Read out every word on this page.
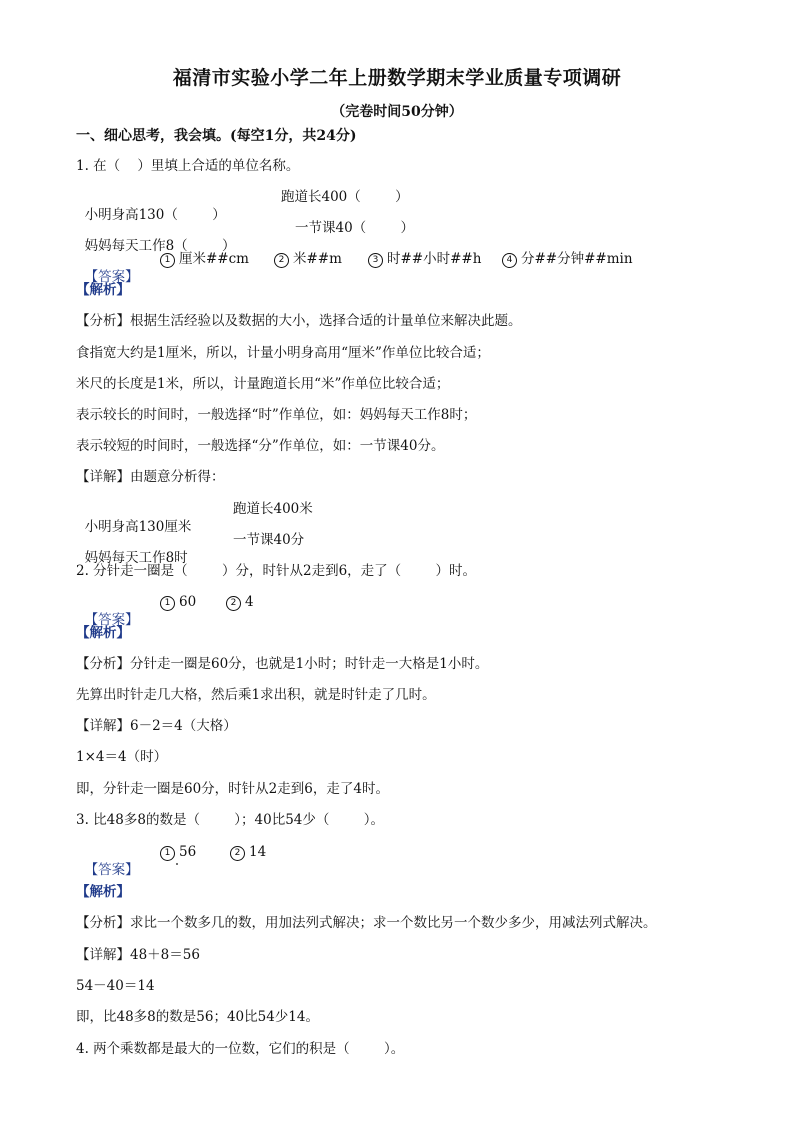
福清市实验小学二年上册数学期末学业质量专项调研
（完卷时间50分钟）
一、细心思考，我会填。(每空1分，共24分)
1. 在（    ）里填上合适的单位名称。

小明身高130（        ）

跑道长400（        ）

妈妈每天工作8（        ）

一节课40（        ）

【答案】

1 厘米##cm

	2 米##m

	3 时##小时##h

	4 分##分钟##min

【解析】
【分析】根据生活经验以及数据的大小，选择合适的计量单位来解决此题。
食指宽大约是1厘米，所以，计量小明身高用“厘米”作单位比较合适；
米尺的长度是1米，所以，计量跑道长用“米”作单位比较合适；
表示较长的时间时，一般选择“时”作单位，如：妈妈每天工作8时；
表示较短的时间时，一般选择“分”作单位，如：一节课40分。
【详解】由题意分析得：

小明身高130厘米

跑道长400米

妈妈每天工作8时

一节课40分

2. 分针走一圈是（        ）分，时针从2走到6，走了（        ）时。

【答案】

1 60

	2 4

【解析】
【分析】分针走一圈是60分，也就是1小时；时针走一大格是1小时。
先算出时针走几大格，然后乘1求出积，就是时针走了几时。
【详解】6－2＝4（大格）
1×4＝4（时）
即，分针走一圈是60分，时针从2走到6，走了4时。
3. 比48多8的数是（        ）；40比54少（        ）。

【答案】

1 56

	2 14

【解析】
【分析】求比一个数多几的数，用加法列式解决；求一个数比另一个数少多少，用减法列式解决。
【详解】48＋8＝56
54－40＝14
即，比48多8的数是56；40比54少14。
4. 两个乘数都是最大的一位数，它们的积是（        ）。
